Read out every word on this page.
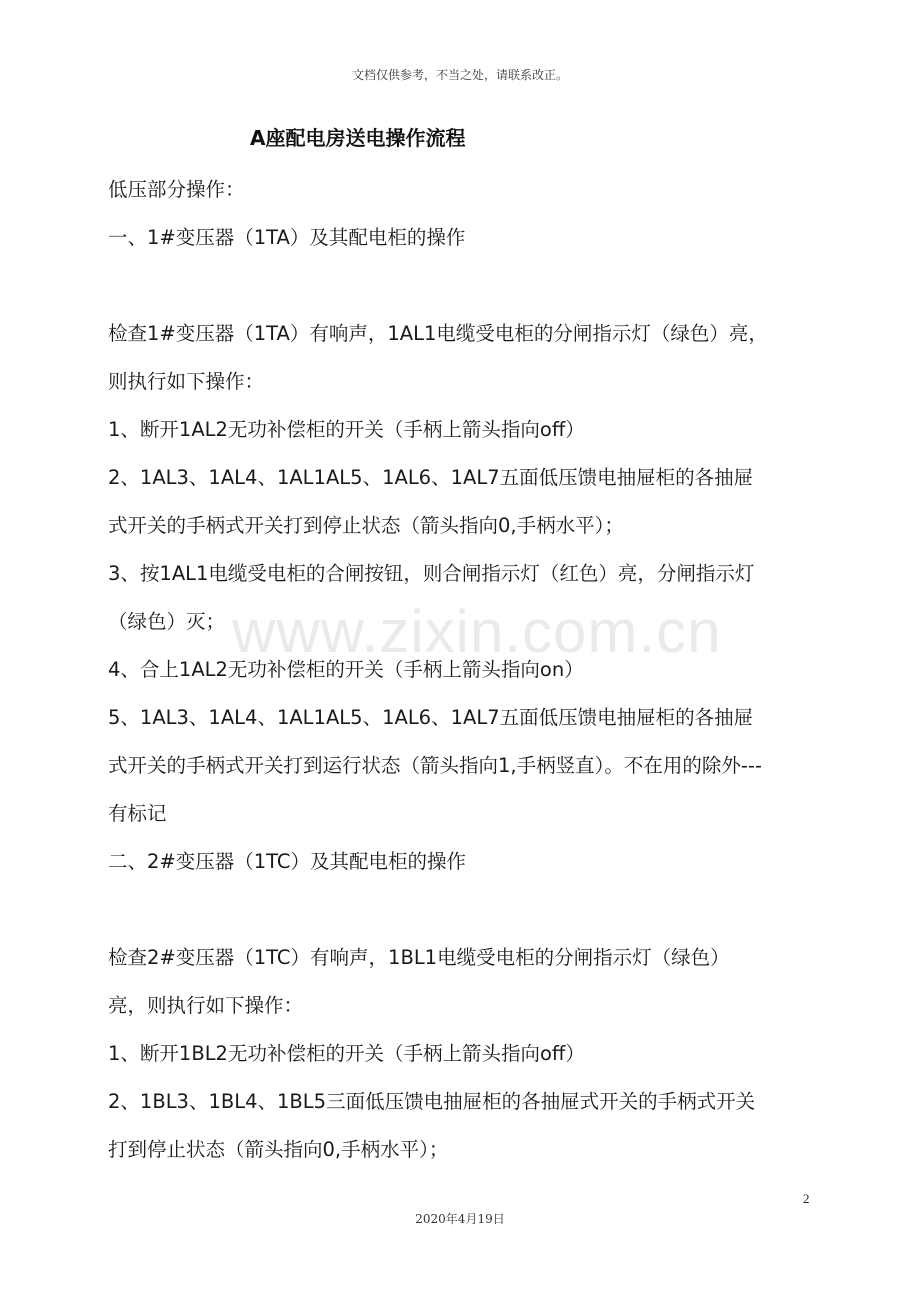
文档仅供参考，不当之处，请联系改正。
A座配电房送电操作流程

低压部分操作：

一、1#变压器（1TA）及其配电柜的操作

检查1#变压器（1TA）有响声，1AL1电缆受电柜的分闸指示灯（绿色）亮，则执行如下操作：

1、断开1AL2无功补偿柜的开关（手柄上箭头指向off）

2、1AL3、1AL4、1AL1AL5、1AL6、1AL7五面低压馈电抽屉柜的各抽屉式开关的手柄式开关打到停止状态（箭头指向0,手柄水平）；

3、按1AL1电缆受电柜的合闸按钮，则合闸指示灯（红色）亮，分闸指示灯（绿色）灭；

4、合上1AL2无功补偿柜的开关（手柄上箭头指向on）

5、1AL3、1AL4、1AL1AL5、1AL6、1AL7五面低压馈电抽屉柜的各抽屉式开关的手柄式开关打到运行状态（箭头指向1,手柄竖直）。不在用的除外---有标记

二、2#变压器（1TC）及其配电柜的操作

检查2#变压器（1TC）有响声，1BL1电缆受电柜的分闸指示灯（绿色）亮，则执行如下操作：

1、断开1BL2无功补偿柜的开关（手柄上箭头指向off）

2、1BL3、1BL4、1BL5三面低压馈电抽屉柜的各抽屉式开关的手柄式开关打到停止状态（箭头指向0,手柄水平）；

www.zixin.com.cn
2
2020年4月19日
